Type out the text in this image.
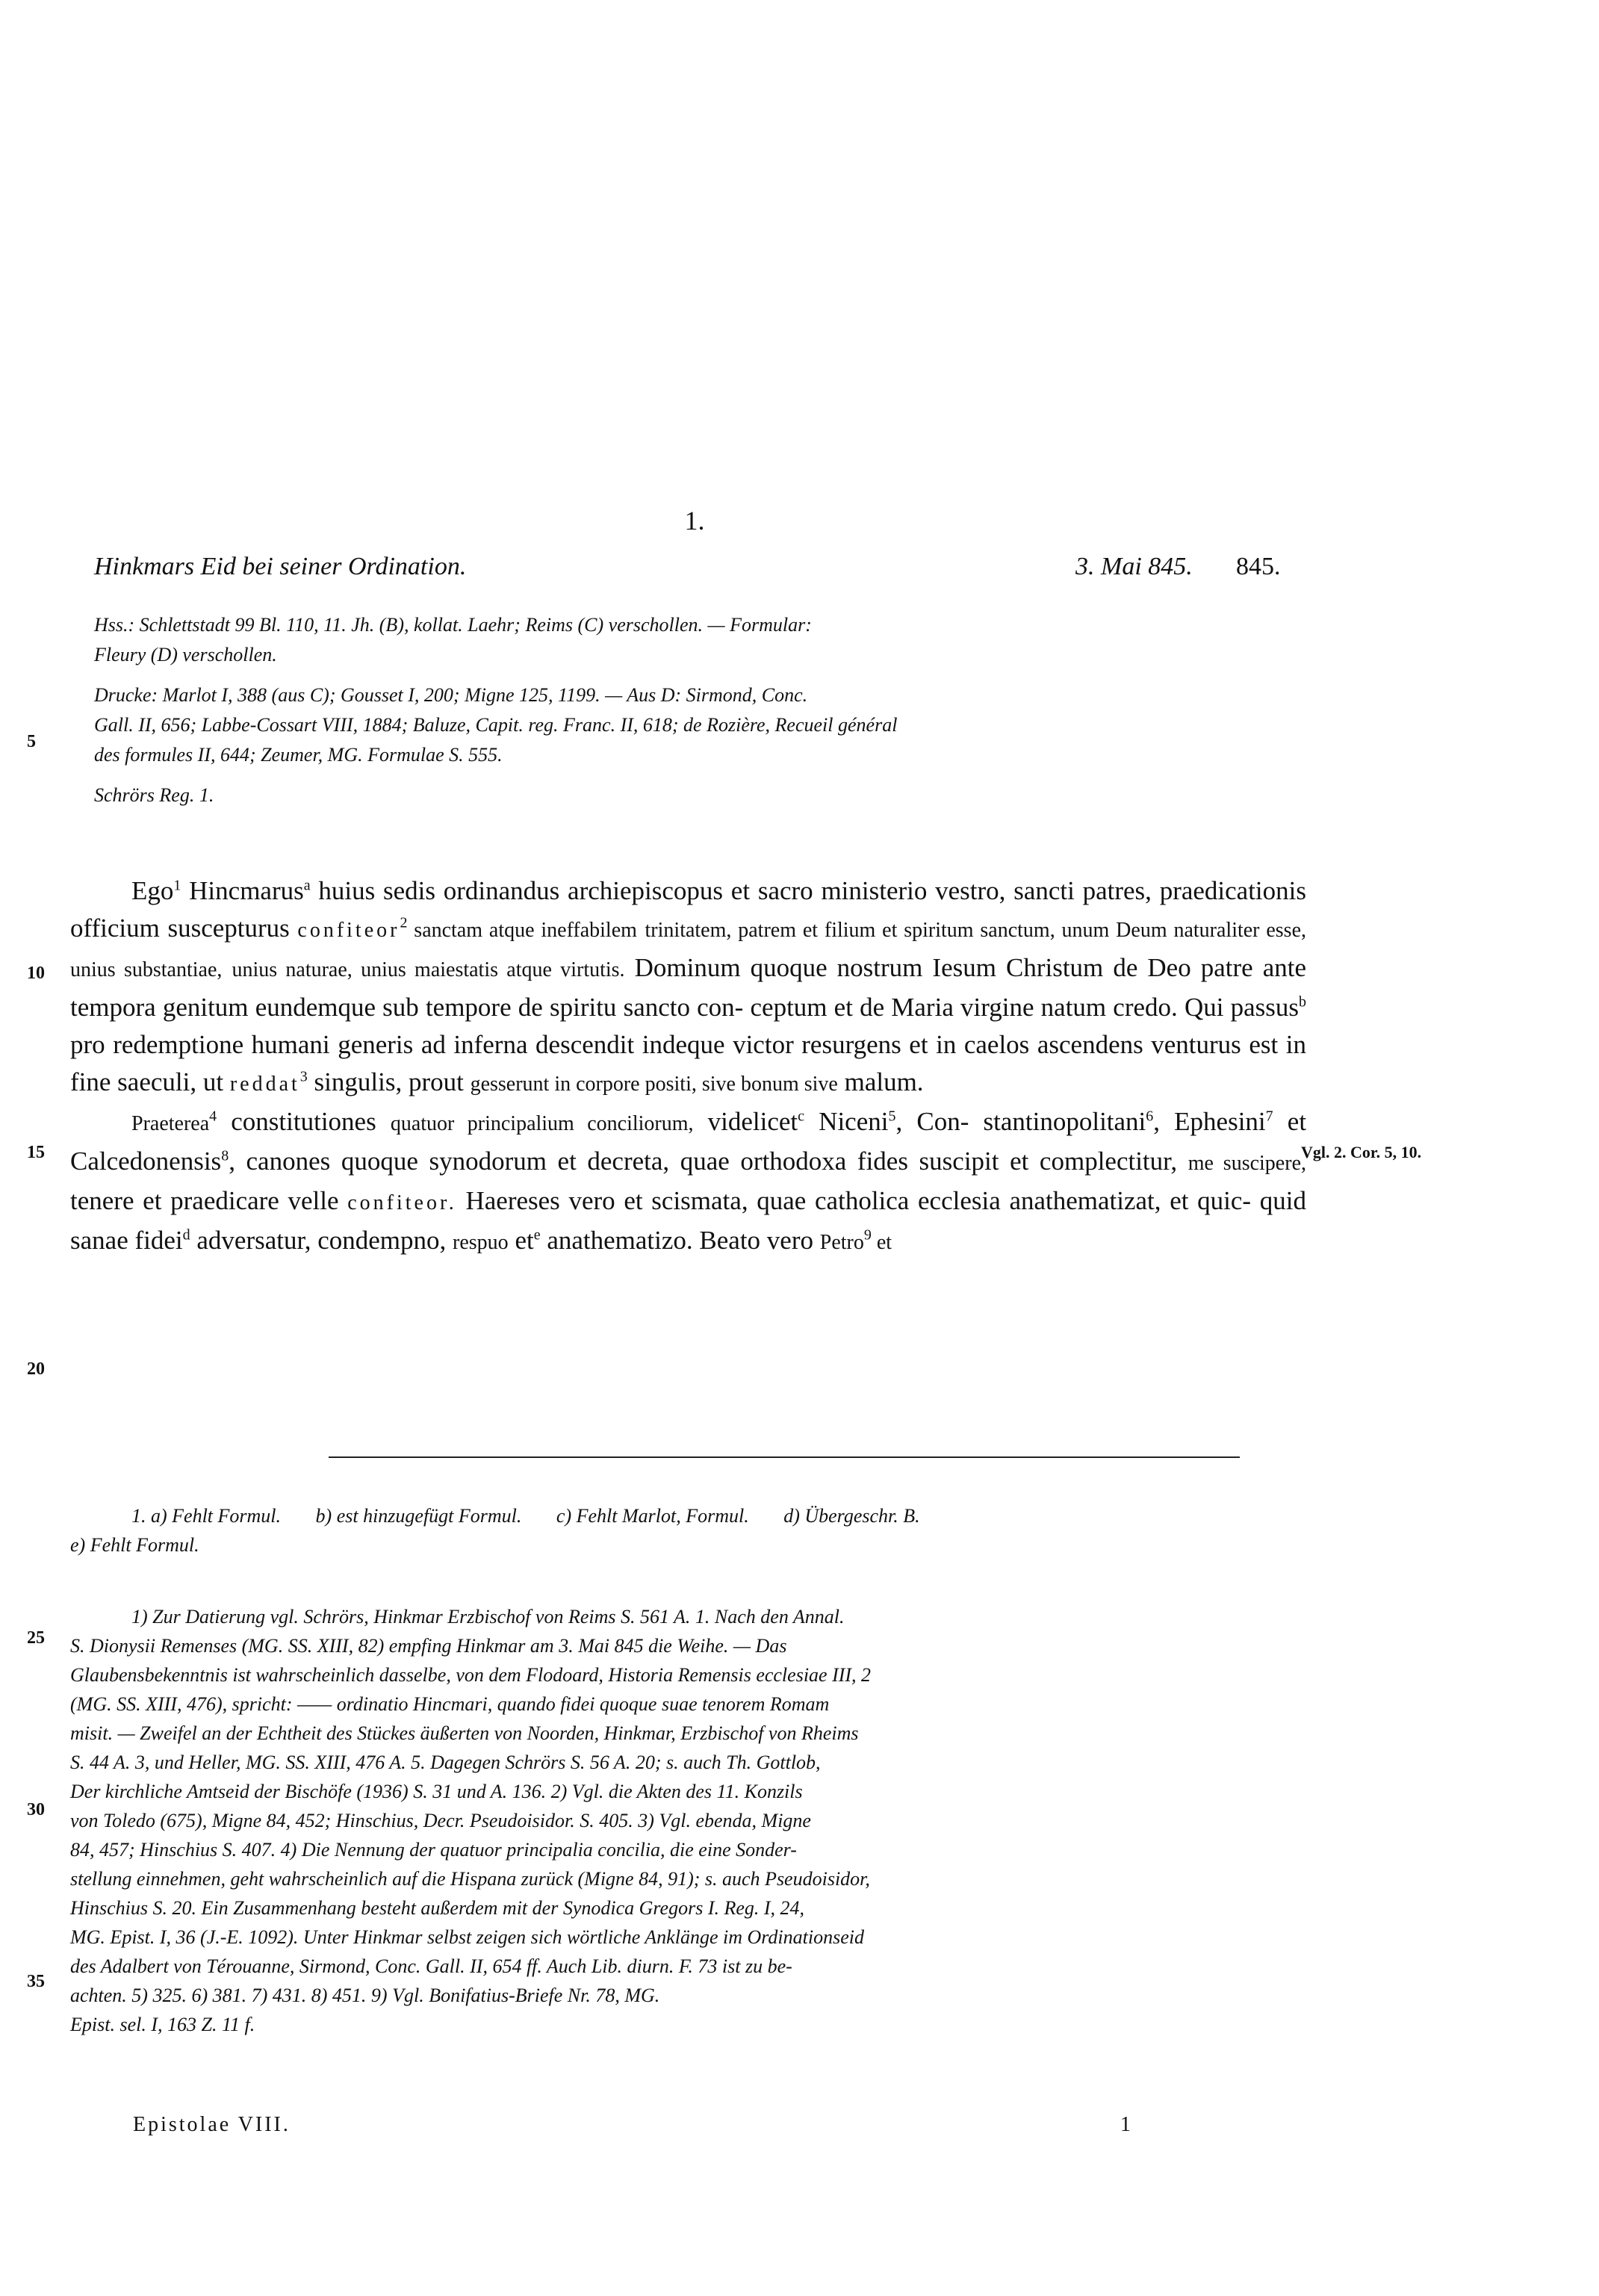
1.
Hinkmars Eid bei seiner Ordination.	3. Mai 845. 845.
Hss.: Schlettstadt 99 Bl. 110, 11. Jh. (B), kollat. Laehr; Reims (C) verschollen. — Formular:
Fleury (D) verschollen.
Drucke: Marlot I, 388 (aus C); Gousset I, 200; Migne 125, 1199. — Aus D: Sirmond, Conc.
Gall. II, 656; Labbe-Cossart VIII, 1884; Baluze, Capit. reg. Franc. II, 618; de Rozière, Recueil général
des formules II, 644; Zeumer, MG. Formulae S. 555.
Schrörs Reg. 1.
5
10
15
20
25
30
35

Ego$^1$ Hincmarus$^a$ huius sedis ordinandus archiepiscopus et sacro ministerio vestro, sancti patres, praedicationis officium suscepturus confiteor$^2$ sanctam atque ineffabilem trinitatem, patrem et filium et spiritum sanctum, unum Deum naturaliter esse, unius substantiae, unius naturae, unius maiestatis atque virtutis. Dominum quoque nostrum Iesum Christum de Deo patre ante tempora genitum eundemque sub tempore de spiritu sancto con- ceptum et de Maria virgine natum credo. Qui passus$^b$ pro redemptione humani generis ad inferna descendit indeque victor resurgens et in caelos ascendens venturus est in fine saeculi, ut reddat$^3$ singulis, prout gesserunt in corpore positi, sive bonum sive malum.

Praeterea$^4$ constitutiones quatuor principalium conciliorum, videlicet$^c$ Niceni$^5$, Con- stantinopolitani$^6$, Ephesini$^7$ et Calcedonensis$^8$, canones quoque synodorum et decreta, quae orthodoxa fides suscipit et complectitur, me suscipere, tenere et praedicare velle confiteor. Haereses vero et scismata, quae catholica ecclesia anathematizat, et quic- quid sanae fidei$^d$ adversatur, condempno, respuo $et^e$ anathematizo. Beato vero Petro$^9$ et

Vgl. 2. Cor. 5, 10.

1. a) Fehlt Formul. b) est hinzugefügt Formul. c) Fehlt Marlot, Formul. d) Übergeschr. B.

e) Fehlt Formul.

1) Zur Datierung vgl. Schrörs, Hinkmar Erzbischof von Reims S. 561 A. 1. Nach den Annal.

S. Dionysii Remenses (MG. SS. XIII, 82) empfing Hinkmar am 3. Mai 845 die Weihe. — Das

Glaubensbekenntnis ist wahrscheinlich dasselbe, von dem Flodoard, Historia Remensis ecclesiae III, 2

(MG. SS. XIII, 476), spricht: —— ordinatio Hincmari, quando fidei quoque suae tenorem Romam

misit. — Zweifel an der Echtheit des Stückes äußerten von Noorden, Hinkmar, Erzbischof von Rheims

S. 44 A. 3, und Heller, MG. SS. XIII, 476 A. 5. Dagegen Schrörs S. 56 A. 20; s. auch Th. Gottlob,

Der kirchliche Amtseid der Bischöfe (1936) S. 31 und A. 136. 2) Vgl. die Akten des 11. Konzils

von Toledo (675), Migne 84, 452; Hinschius, Decr. Pseudoisidor. S. 405. 3) Vgl. ebenda, Migne

84, 457; Hinschius S. 407. 4) Die Nennung der quatuor principalia concilia, die eine Sonder-

stellung einnehmen, geht wahrscheinlich auf die Hispana zurück (Migne 84, 91); s. auch Pseudoisidor,

Hinschius S. 20. Ein Zusammenhang besteht außerdem mit der Synodica Gregors I. Reg. I, 24,

MG. Epist. I, 36 (J.-E. 1092). Unter Hinkmar selbst zeigen sich wörtliche Anklänge im Ordinationseid

des Adalbert von Térouanne, Sirmond, Conc. Gall. II, 654 ff. Auch Lib. diurn. F. 73 ist zu be-

achten. 5) 325. 6) 381. 7) 431. 8) 451. 9) Vgl. Bonifatius-Briefe Nr. 78, MG.

Epist. sel. I, 163 Z. 11 f.

Epistolae VIII.	1
